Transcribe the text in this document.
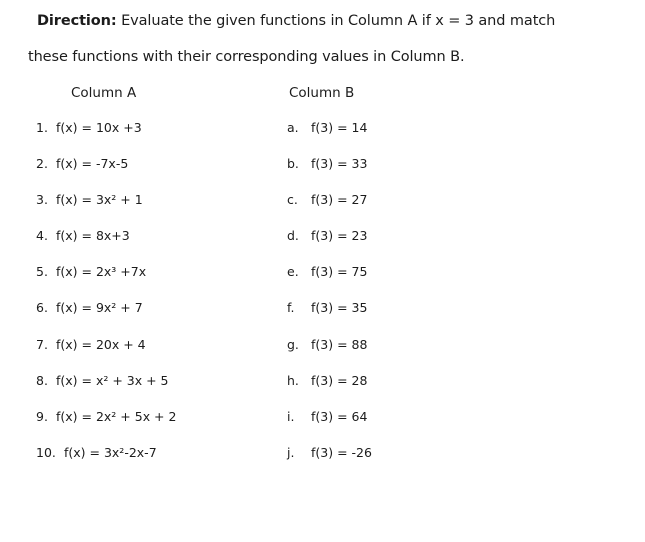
Direction: Evaluate the given functions in Column A if x = 3 and match
these functions with their corresponding values in Column B.
Column A	Column B
1. f(x) = 10x +3	a. f(3) = 14
2. f(x) = -7x-5	b. f(3) = 33
3. f(x) = 3x² + 1	c. f(3) = 27
4. f(x) = 8x+3	d. f(3) = 23
5. f(x) = 2x³ +7x	e. f(3) = 75
6. f(x) = 9x² + 7	f. f(3) = 35
7. f(x) = 20x + 4	g. f(3) = 88
8. f(x) = x² + 3x + 5	h. f(3) = 28
9. f(x) = 2x² + 5x + 2	i. f(3) = 64
10. f(x) = 3x²-2x-7	j. f(3) = -26
